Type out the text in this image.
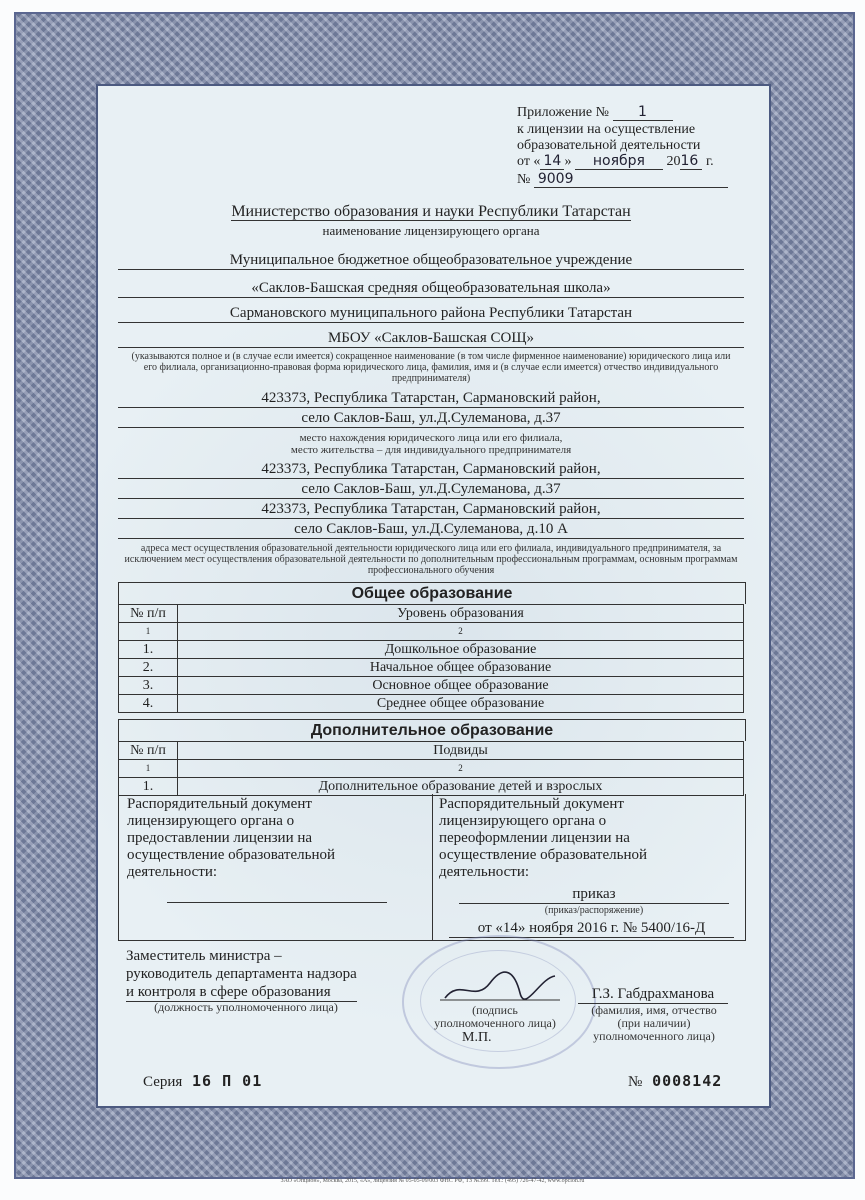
Приложение № 1
к лицензии на осуществление
образовательной деятельности
от « 14 » ноября 2016 г.
№ 9009
Министерство образования и науки Республики Татарстан
наименование лицензирующего органа
Муниципальное бюджетное общеобразовательное учреждение
«Саклов-Башская средняя общеобразовательная школа»
Сармановского муниципального района Республики Татарстан
МБОУ «Саклов-Башская СОЩ»
(указываются полное и (в случае если имеется) сокращенное наименование (в том числе фирменное наименование) юридического лица или его филиала, организационно-правовая форма юридического лица, фамилия, имя и (в случае если имеется) отчество индивидуального предпринимателя)
423373, Республика Татарстан, Сармановский район,
село Саклов-Баш, ул.Д.Сулеманова, д.37
место нахождения юридического лица или его филиала,
место жительства – для индивидуального предпринимателя
423373, Республика Татарстан, Сармановский район,
село Саклов-Баш, ул.Д.Сулеманова, д.37
423373, Республика Татарстан, Сармановский район,
село Саклов-Баш, ул.Д.Сулеманова, д.10 А
адреса мест осуществления образовательной деятельности юридического лица или его филиала, индивидуального предпринимателя, за исключением мест осуществления образовательной деятельности по дополнительным профессиональным программам, основным программам профессионального обучения
Общее образование
№ п/п	Уровень образования
1	2
1.	Дошкольное образование
2.	Начальное общее образование
3.	Основное общее образование
4.	Среднее общее образование
Дополнительное образование
№ п/п	Подвиды
1	2
1.	Дополнительное образование детей и взрослых
Распорядительный документ
лицензирующего органа о
предоставлении лицензии на
осуществление образовательной
деятельности:
Распорядительный документ
лицензирующего органа о
переоформлении лицензии на
осуществление образовательной
деятельности:
приказ
(приказ/распоряжение)
от «14» ноября 2016 г. № 5400/16-Д
Заместитель министра –
руководитель департамента надзора
и контроля в сфере образования
(должность уполномоченного лица)	(подпись
уполномоченного лица)
М.П.
Г.З. Габдрахманова
(фамилия, имя, отчество
(при наличии)
уполномоченного лица)
Серия 16 П 01	№ 0008142
ЗАО «Опцион», Москва, 2015, «А», лицензия № 05-05-09/003 ФНС РФ, ТЗ №399. Тел.: (495) 726-47-42, www.opcion.ru
